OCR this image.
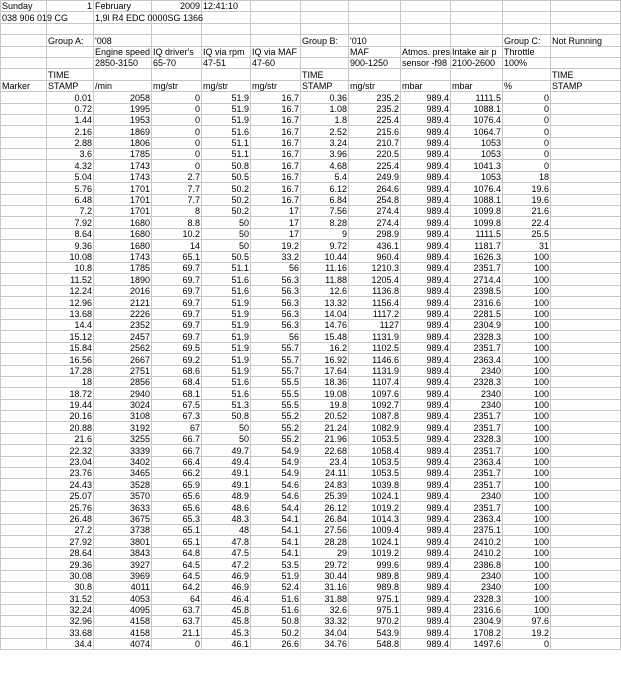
Sunday	1	February	2009	12:41:10							
038 906 019 CG		1,9l R4 EDC 0000SG 1366									

	Group A:	'008				Group B:	'010			Group C:	Not Running
		Engine speed	IQ driver's	IQ via rpm	IQ via MAF		MAF	Atmos. pres	Intake air p	Throttle	
		2850-3150	65-70	47-51	47-60		900-1250	sensor -f98	2100-2600	100%	
	TIME					TIME					TIME
Marker	STAMP	/min	mg/str	mg/str	mg/str	STAMP	mg/str	mbar	mbar	%	STAMP
	0.01	2058	0	51.9	16.7	0.36	235.2	989.4	1111.5	0	
	0.72	1995	0	51.9	16.7	1.08	235.2	989.4	1088.1	0	
	1.44	1953	0	51.9	16.7	1.8	225.4	989.4	1076.4	0	
	2.16	1869	0	51.6	16.7	2.52	215.6	989.4	1064.7	0	
	2.88	1806	0	51.1	16.7	3.24	210.7	989.4	1053	0	
	3.6	1785	0	51.1	16.7	3.96	220.5	989.4	1053	0	
	4.32	1743	0	50.8	16.7	4.68	225.4	989.4	1041.3	0	
	5.04	1743	2.7	50.5	16.7	5.4	249.9	989.4	1053	18	
	5.76	1701	7.7	50.2	16.7	6.12	264.6	989.4	1076.4	19.6	
	6.48	1701	7.7	50.2	16.7	6.84	254.8	989.4	1088.1	19.6	
	7.2	1701	8	50.2	17	7.56	274.4	989.4	1099.8	21.6	
	7.92	1680	8.8	50	17	8.28	274.4	989.4	1099.8	22.4	
	8.64	1680	10.2	50	17	9	298.9	989.4	1111.5	25.5	
	9.36	1680	14	50	19.2	9.72	436.1	989.4	1181.7	31	
	10.08	1743	65.1	50.5	33.2	10.44	960.4	989.4	1626.3	100	
	10.8	1785	69.7	51.1	56	11.16	1210.3	989.4	2351.7	100	
	11.52	1890	69.7	51.6	56.3	11.88	1205.4	989.4	2714.4	100	
	12.24	2016	69.7	51.6	56.3	12.6	1136.8	989.4	2398.5	100	
	12.96	2121	69.7	51.9	56.3	13.32	1156.4	989.4	2316.6	100	
	13.68	2226	69.7	51.9	56.3	14.04	1117.2	989.4	2281.5	100	
	14.4	2352	69.7	51.9	56.3	14.76	1127	989.4	2304.9	100	
	15.12	2457	69.7	51.9	56	15.48	1131.9	989.4	2328.3	100	
	15.84	2562	69.5	51.9	55.7	16.2	1102.5	989.4	2351.7	100	
	16.56	2667	69.2	51.9	55.7	16.92	1146.6	989.4	2363.4	100	
	17.28	2751	68.6	51.9	55.7	17.64	1131.9	989.4	2340	100	
	18	2856	68.4	51.6	55.5	18.36	1107.4	989.4	2328.3	100	
	18.72	2940	68.1	51.6	55.5	19.08	1097.6	989.4	2340	100	
	19.44	3024	67.5	51.3	55.5	19.8	1092.7	989.4	2340	100	
	20.16	3108	67.3	50.8	55.2	20.52	1087.8	989.4	2351.7	100	
	20.88	3192	67	50	55.2	21.24	1082.9	989.4	2351.7	100	
	21.6	3255	66.7	50	55.2	21.96	1053.5	989.4	2328.3	100	
	22.32	3339	66.7	49.7	54.9	22.68	1058.4	989.4	2351.7	100	
	23.04	3402	66.4	49.4	54.9	23.4	1053.5	989.4	2363.4	100	
	23.76	3465	66.2	49.1	54.9	24.11	1053.5	989.4	2351.7	100	
	24.43	3528	65.9	49.1	54.6	24.83	1039.8	989.4	2351.7	100	
	25.07	3570	65.6	48.9	54.6	25.39	1024.1	989.4	2340	100	
	25.76	3633	65.6	48.6	54.4	26.12	1019.2	989.4	2351.7	100	
	26.48	3675	65.3	48.3	54.1	26.84	1014.3	989.4	2363.4	100	
	27.2	3738	65.1	48	54.1	27.56	1009.4	989.4	2375.1	100	
	27.92	3801	65.1	47.8	54.1	28.28	1024.1	989.4	2410.2	100	
	28.64	3843	64.8	47.5	54.1	29	1019.2	989.4	2410.2	100	
	29.36	3927	64.5	47.2	53.5	29.72	999.6	989.4	2386.8	100	
	30.08	3969	64.5	46.9	51.9	30.44	989.8	989.4	2340	100	
	30.8	4011	64.2	46.9	52.4	31.16	989.8	989.4	2340	100	
	31.52	4053	64	46.4	51.6	31.88	975.1	989.4	2328.3	100	
	32.24	4095	63.7	45.8	51.6	32.6	975.1	989.4	2316.6	100	
	32.96	4158	63.7	45.8	50.8	33.32	970.2	989.4	2304.9	97.6	
	33.68	4158	21.1	45.3	50.2	34.04	543.9	989.4	1708.2	19.2	
	34.4	4074	0	46.1	26.6	34.76	548.8	989.4	1497.6	0	
